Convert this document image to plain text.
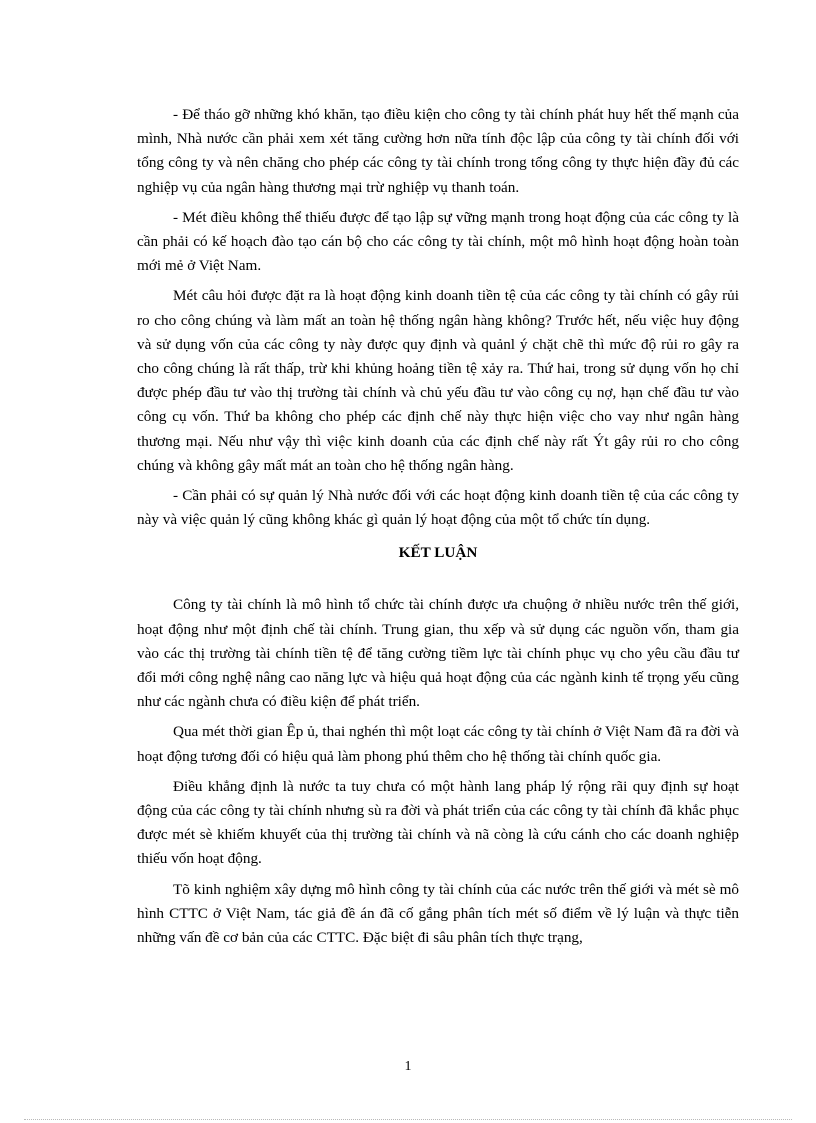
- Để tháo gỡ những khó khăn, tạo điều kiện cho công ty tài chính phát huy hết thế mạnh của mình, Nhà nước cần phải xem xét tăng cường hơn nữa tính độc lập của công ty tài chính đối với tổng công ty và nên chăng cho phép các công ty tài chính trong tổng công ty thực hiện đầy đủ các nghiệp vụ của ngân hàng thương mại trừ nghiệp vụ thanh toán.

- Mét điều không thể thiếu được để tạo lập sự vững mạnh trong hoạt động của các công ty là cần phải có kế hoạch đào tạo cán bộ cho các công ty tài chính, một mô hình hoạt động hoàn toàn mới mẻ ở Việt Nam.

Mét câu hỏi được đặt ra là hoạt động kinh doanh tiền tệ của các công ty tài chính có gây rủi ro cho công chúng và làm mất an toàn hệ thống ngân hàng không? Trước hết, nếu việc huy động và sử dụng vốn của các công ty này được quy định và quảnl ý chặt chẽ thì mức độ rủi ro gây ra cho công chúng là rất thấp, trừ khi khủng hoảng tiền tệ xảy ra. Thứ hai, trong sử dụng vốn họ chỉ được phép đầu tư vào thị trường tài chính và chủ yếu đầu tư vào công cụ nợ, hạn chế đầu tư vào công cụ vốn. Thứ ba không cho phép các định chế này thực hiện việc cho vay như ngân hàng thương mại. Nếu như vậy thì việc kinh doanh của các định chế này rất Ýt gây rủi ro cho công chúng và không gây mất mát an toàn cho hệ thống ngân hàng.

- Cần phải có sự quản lý Nhà nước đối với các hoạt động kinh doanh tiền tệ của các công ty này và việc quản lý cũng không khác gì quản lý hoạt động của một tổ chức tín dụng.

KẾT LUẬN

Công ty tài chính là mô hình tổ chức tài chính được ưa chuộng ở nhiều nước trên thế giới, hoạt động như một định chế tài chính. Trung gian, thu xếp và sử dụng các nguồn vốn, tham gia vào các thị trường tài chính tiền tệ để tăng cường tiềm lực tài chính phục vụ cho yêu cầu đầu tư đổi mới công nghệ nâng cao năng lực và hiệu quả hoạt động của các ngành kinh tế trọng yếu cũng như các ngành chưa có điều kiện để phát triển.

Qua mét thời gian Êp ủ, thai nghén thì một loạt các công ty tài chính ở Việt Nam đã ra đời và hoạt động tương đối có hiệu quả làm phong phú thêm cho hệ thống tài chính quốc gia.

Điều khẳng định là nước ta tuy chưa có một hành lang pháp lý rộng rãi quy định sự hoạt động của các công ty tài chính nhưng sù ra đời và phát triển của các công ty tài chính đã khắc phục được mét sè khiếm khuyết của thị trường tài chính và nã còng là cứu cánh cho các doanh nghiệp thiếu vốn hoạt động.

Tõ kinh nghiệm xây dựng mô hình công ty tài chính của các nước trên thế giới và mét sè mô hình CTTC ở Việt Nam, tác giả đề án đã cố gắng phân tích mét số điểm về lý luận và thực tiễn những vấn đề cơ bản của các CTTC. Đặc biệt đi sâu phân tích thực trạng,

1
